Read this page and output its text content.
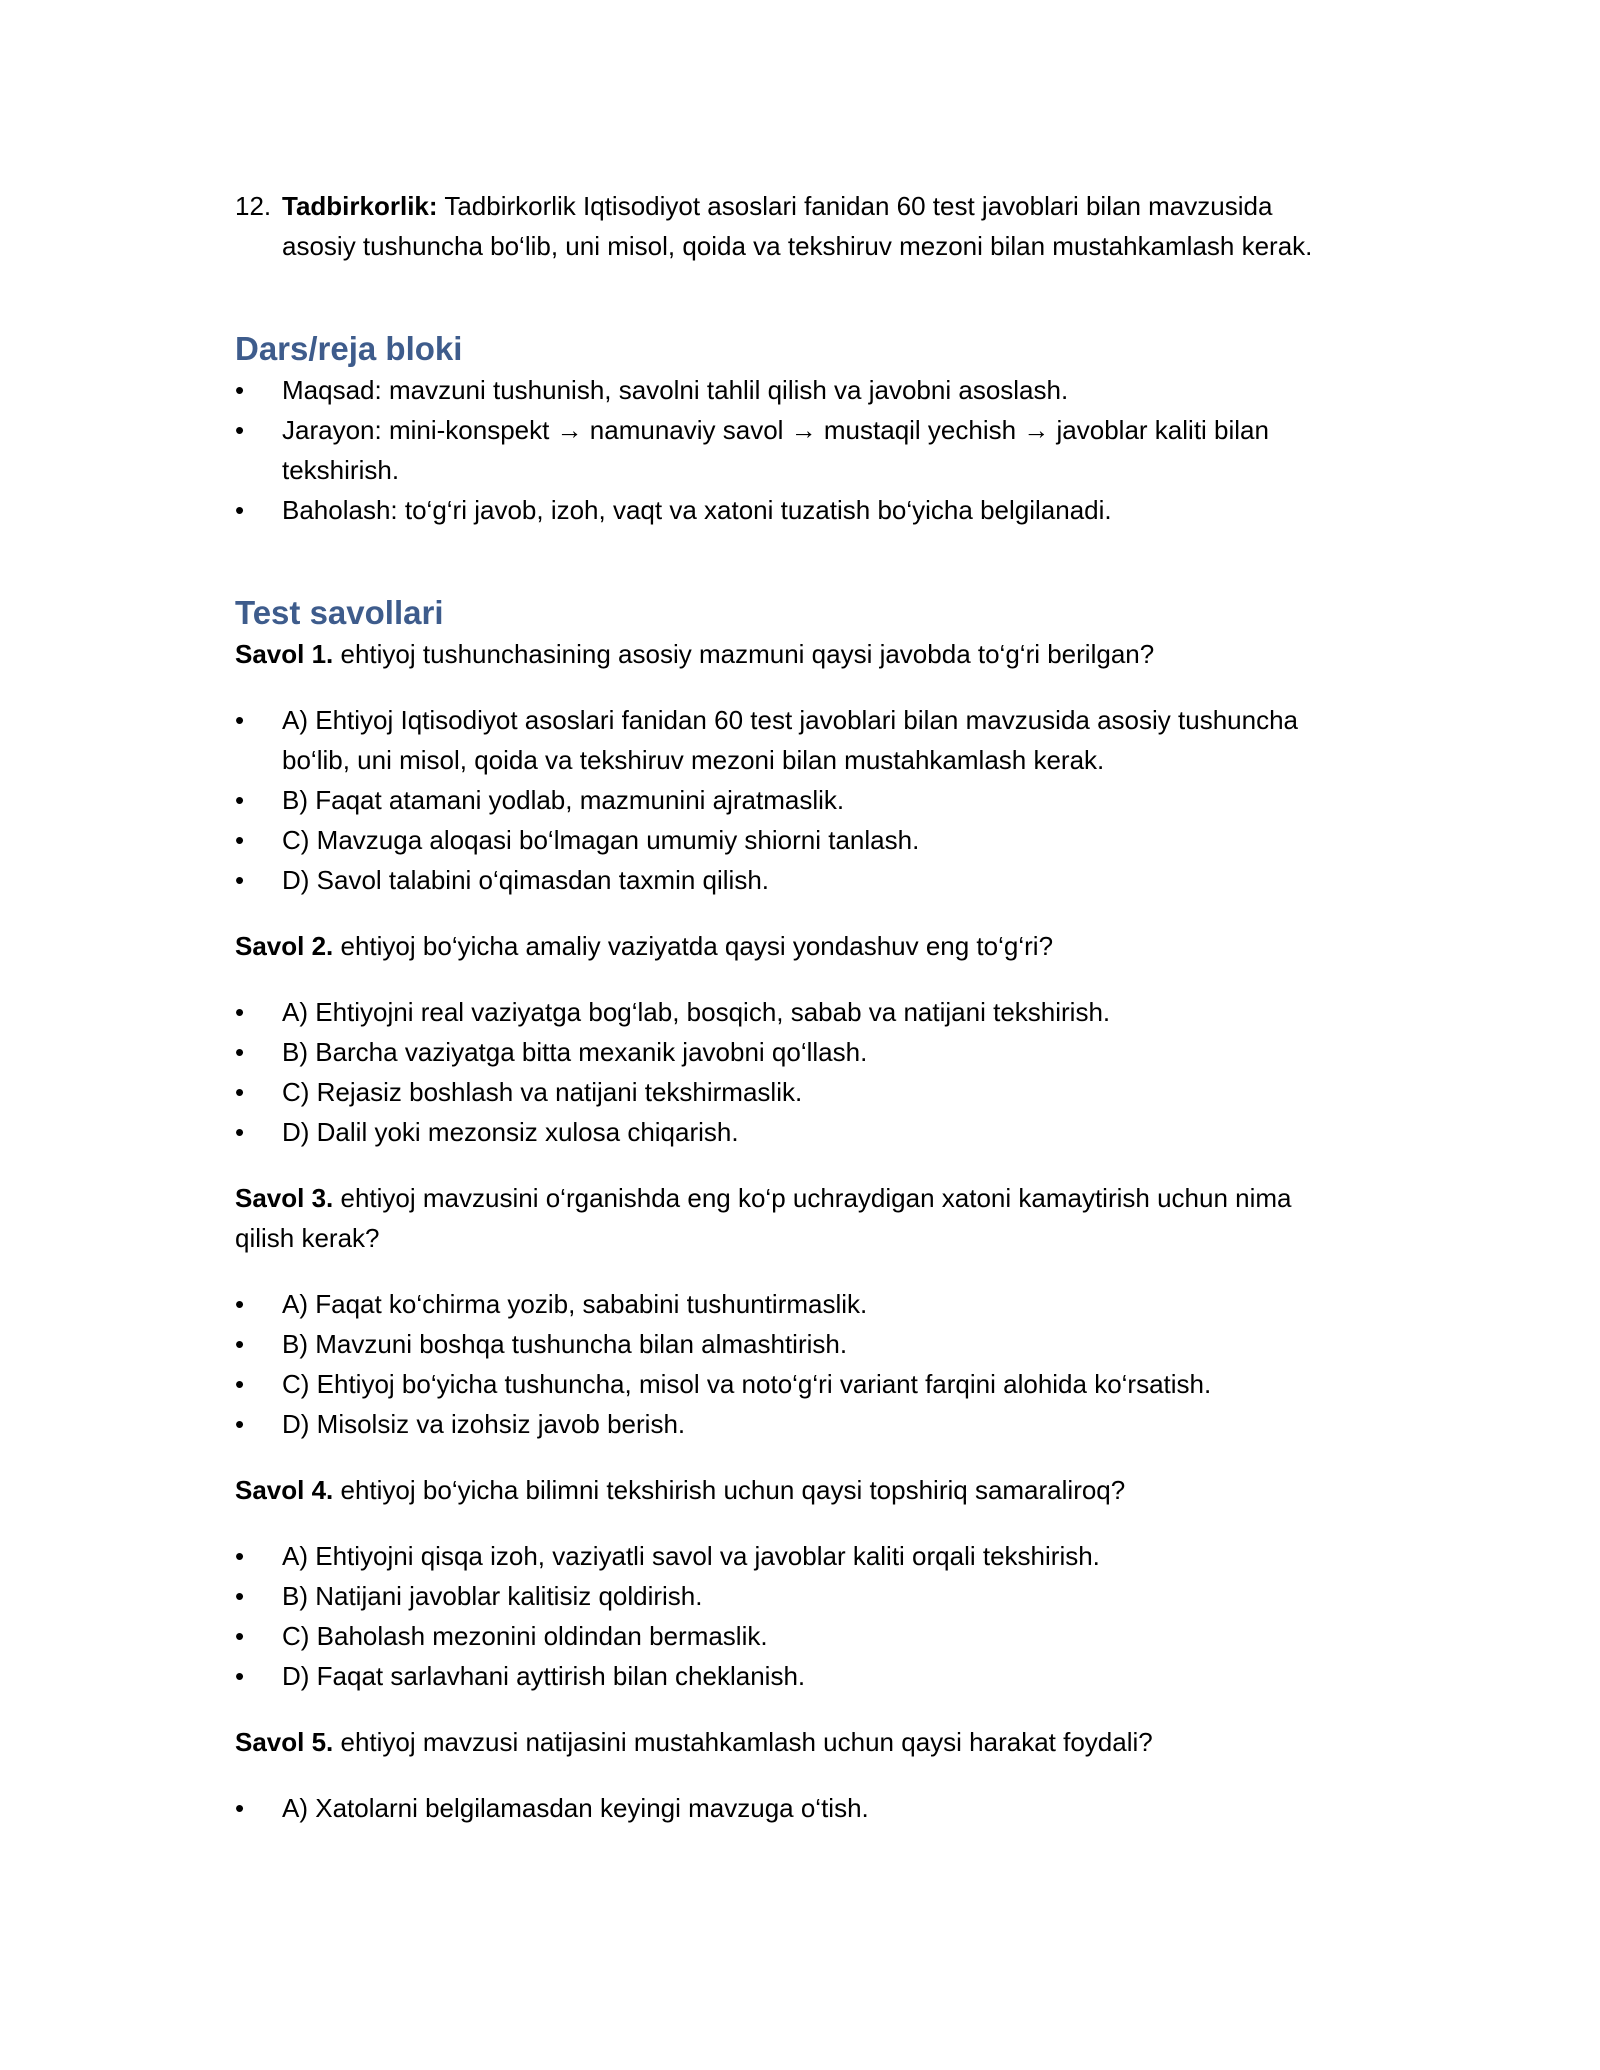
12. Tadbirkorlik: Tadbirkorlik Iqtisodiyot asoslari fanidan 60 test javoblari bilan mavzusida asosiy tushuncha bo‘lib, uni misol, qoida va tekshiruv mezoni bilan mustahkamlash kerak.
Dars/reja bloki
•	Maqsad: mavzuni tushunish, savolni tahlil qilish va javobni asoslash.
•	Jarayon: mini-konspekt → namunaviy savol → mustaqil yechish → javoblar kaliti bilan tekshirish.
•	Baholash: to‘g‘ri javob, izoh, vaqt va xatoni tuzatish bo‘yicha belgilanadi.
Test savollari

Savol 1. ehtiyoj tushunchasining asosiy mazmuni qaysi javobda to‘g‘ri berilgan?

•	A) Ehtiyoj Iqtisodiyot asoslari fanidan 60 test javoblari bilan mavzusida asosiy tushuncha bo‘lib, uni misol, qoida va tekshiruv mezoni bilan mustahkamlash kerak.
•	B) Faqat atamani yodlab, mazmunini ajratmaslik.
•	C) Mavzuga aloqasi bo‘lmagan umumiy shiorni tanlash.
•	D) Savol talabini o‘qimasdan taxmin qilish.

Savol 2. ehtiyoj bo‘yicha amaliy vaziyatda qaysi yondashuv eng to‘g‘ri?

•	A) Ehtiyojni real vaziyatga bog‘lab, bosqich, sabab va natijani tekshirish.
•	B) Barcha vaziyatga bitta mexanik javobni qo‘llash.
•	C) Rejasiz boshlash va natijani tekshirmaslik.
•	D) Dalil yoki mezonsiz xulosa chiqarish.

Savol 3. ehtiyoj mavzusini o‘rganishda eng ko‘p uchraydigan xatoni kamaytirish uchun nima qilish kerak?

•	A) Faqat ko‘chirma yozib, sababini tushuntirmaslik.
•	B) Mavzuni boshqa tushuncha bilan almashtirish.
•	C) Ehtiyoj bo‘yicha tushuncha, misol va noto‘g‘ri variant farqini alohida ko‘rsatish.
•	D) Misolsiz va izohsiz javob berish.

Savol 4. ehtiyoj bo‘yicha bilimni tekshirish uchun qaysi topshiriq samaraliroq?

•	A) Ehtiyojni qisqa izoh, vaziyatli savol va javoblar kaliti orqali tekshirish.
•	B) Natijani javoblar kalitisiz qoldirish.
•	C) Baholash mezonini oldindan bermaslik.
•	D) Faqat sarlavhani ayttirish bilan cheklanish.

Savol 5. ehtiyoj mavzusi natijasini mustahkamlash uchun qaysi harakat foydali?

•	A) Xatolarni belgilamasdan keyingi mavzuga o‘tish.
